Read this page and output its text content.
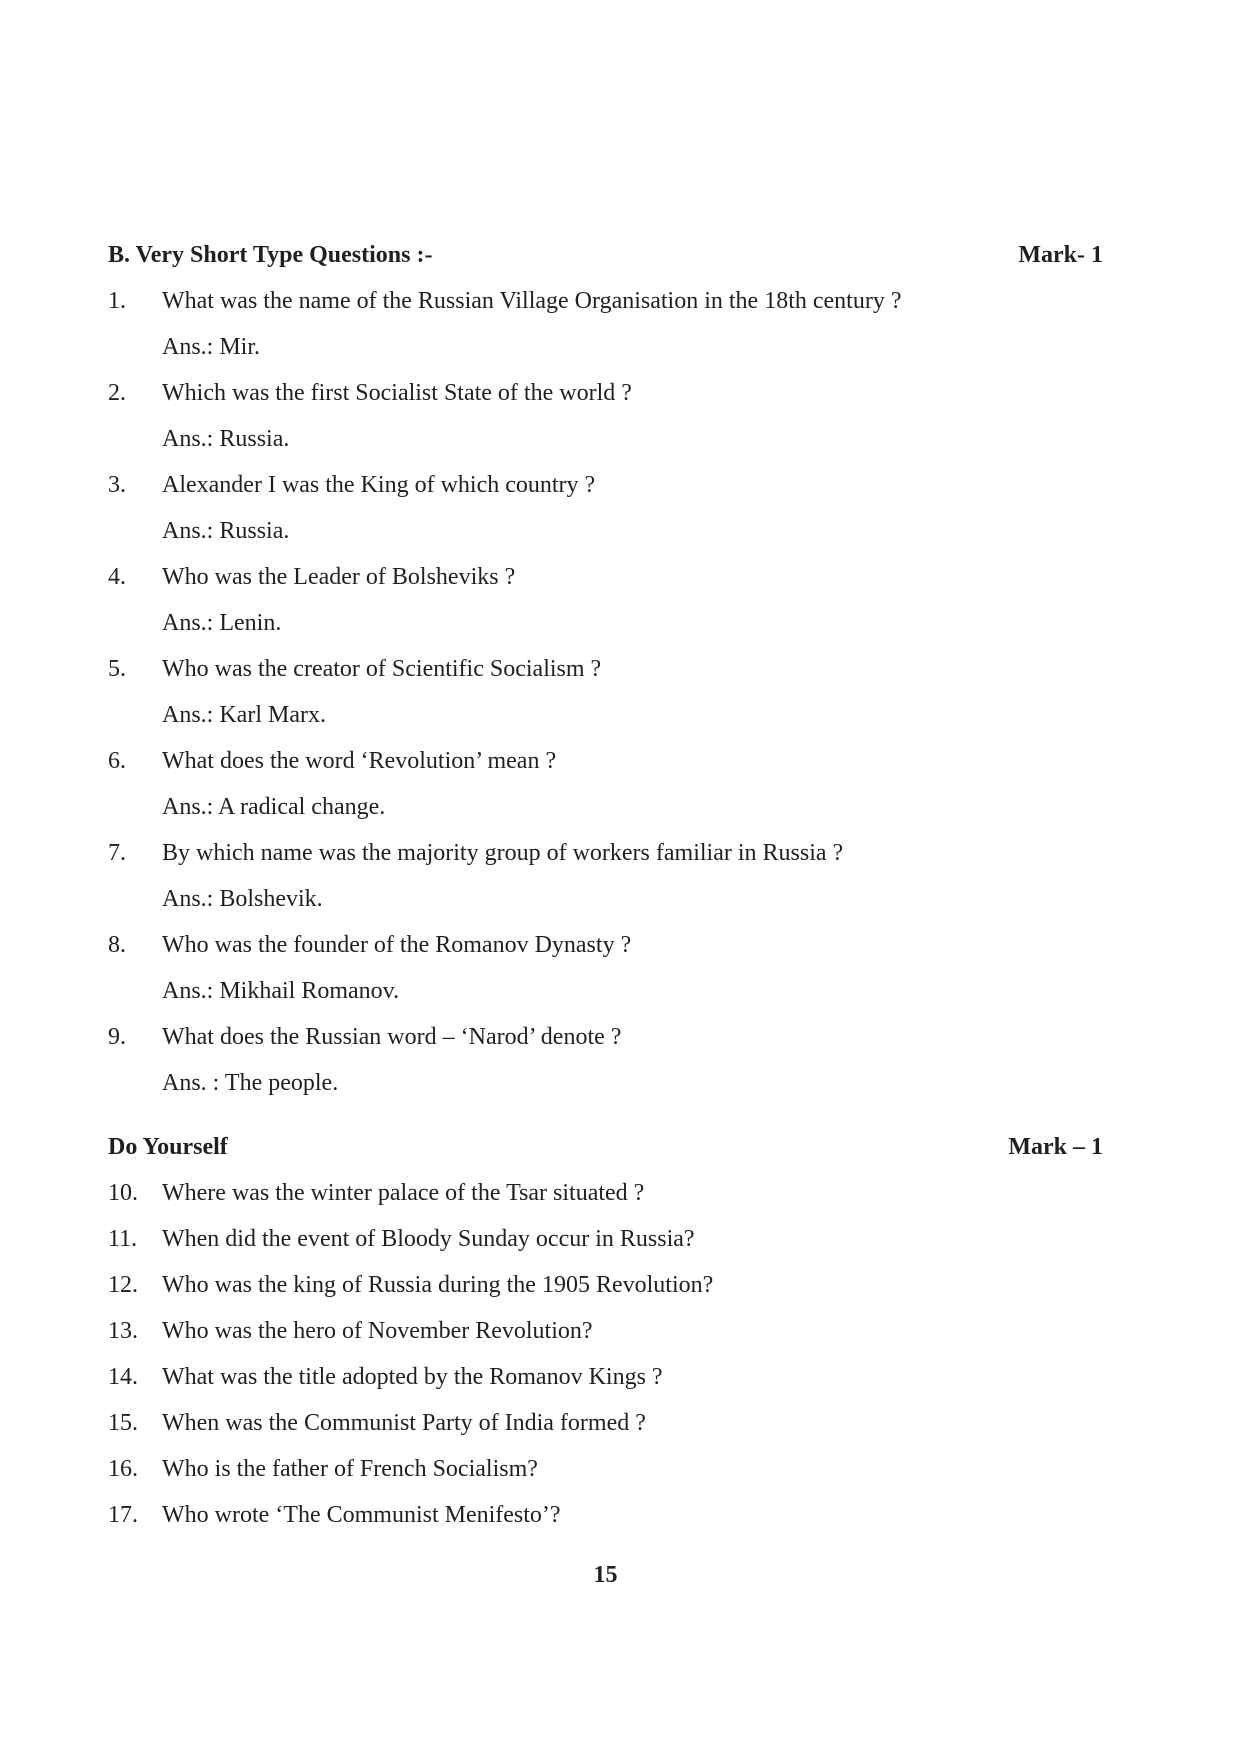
B. Very Short Type Questions :-	Mark- 1
1. What was the name of the Russian Village Organisation in the 18th century ?
Ans.: Mir.
2. Which was the first Socialist State of the world ?
Ans.: Russia.
3. Alexander I was the King of which country ?
Ans.: Russia.
4. Who was the Leader of Bolsheviks ?
Ans.: Lenin.
5. Who was the creator of Scientific Socialism ?
Ans.: Karl Marx.
6. What does the word ‘Revolution’ mean ?
Ans.: A radical change.
7. By which name was the majority group of workers familiar in Russia ?
Ans.: Bolshevik.
8. Who was the founder of the Romanov Dynasty ?
Ans.: Mikhail Romanov.
9. What does the Russian word – ‘Narod’ denote ?
Ans. : The people.
Do Yourself	Mark – 1
10. Where was the winter palace of the Tsar situated ?
11. When did the event of Bloody Sunday occur in Russia?
12. Who was the king of Russia during the 1905 Revolution?
13. Who was the hero of November Revolution?
14. What was the title adopted by the Romanov Kings ?
15. When was the Communist Party of India formed ?
16. Who is the father of French Socialism?
17. Who wrote ‘The Communist Menifesto’?
15
